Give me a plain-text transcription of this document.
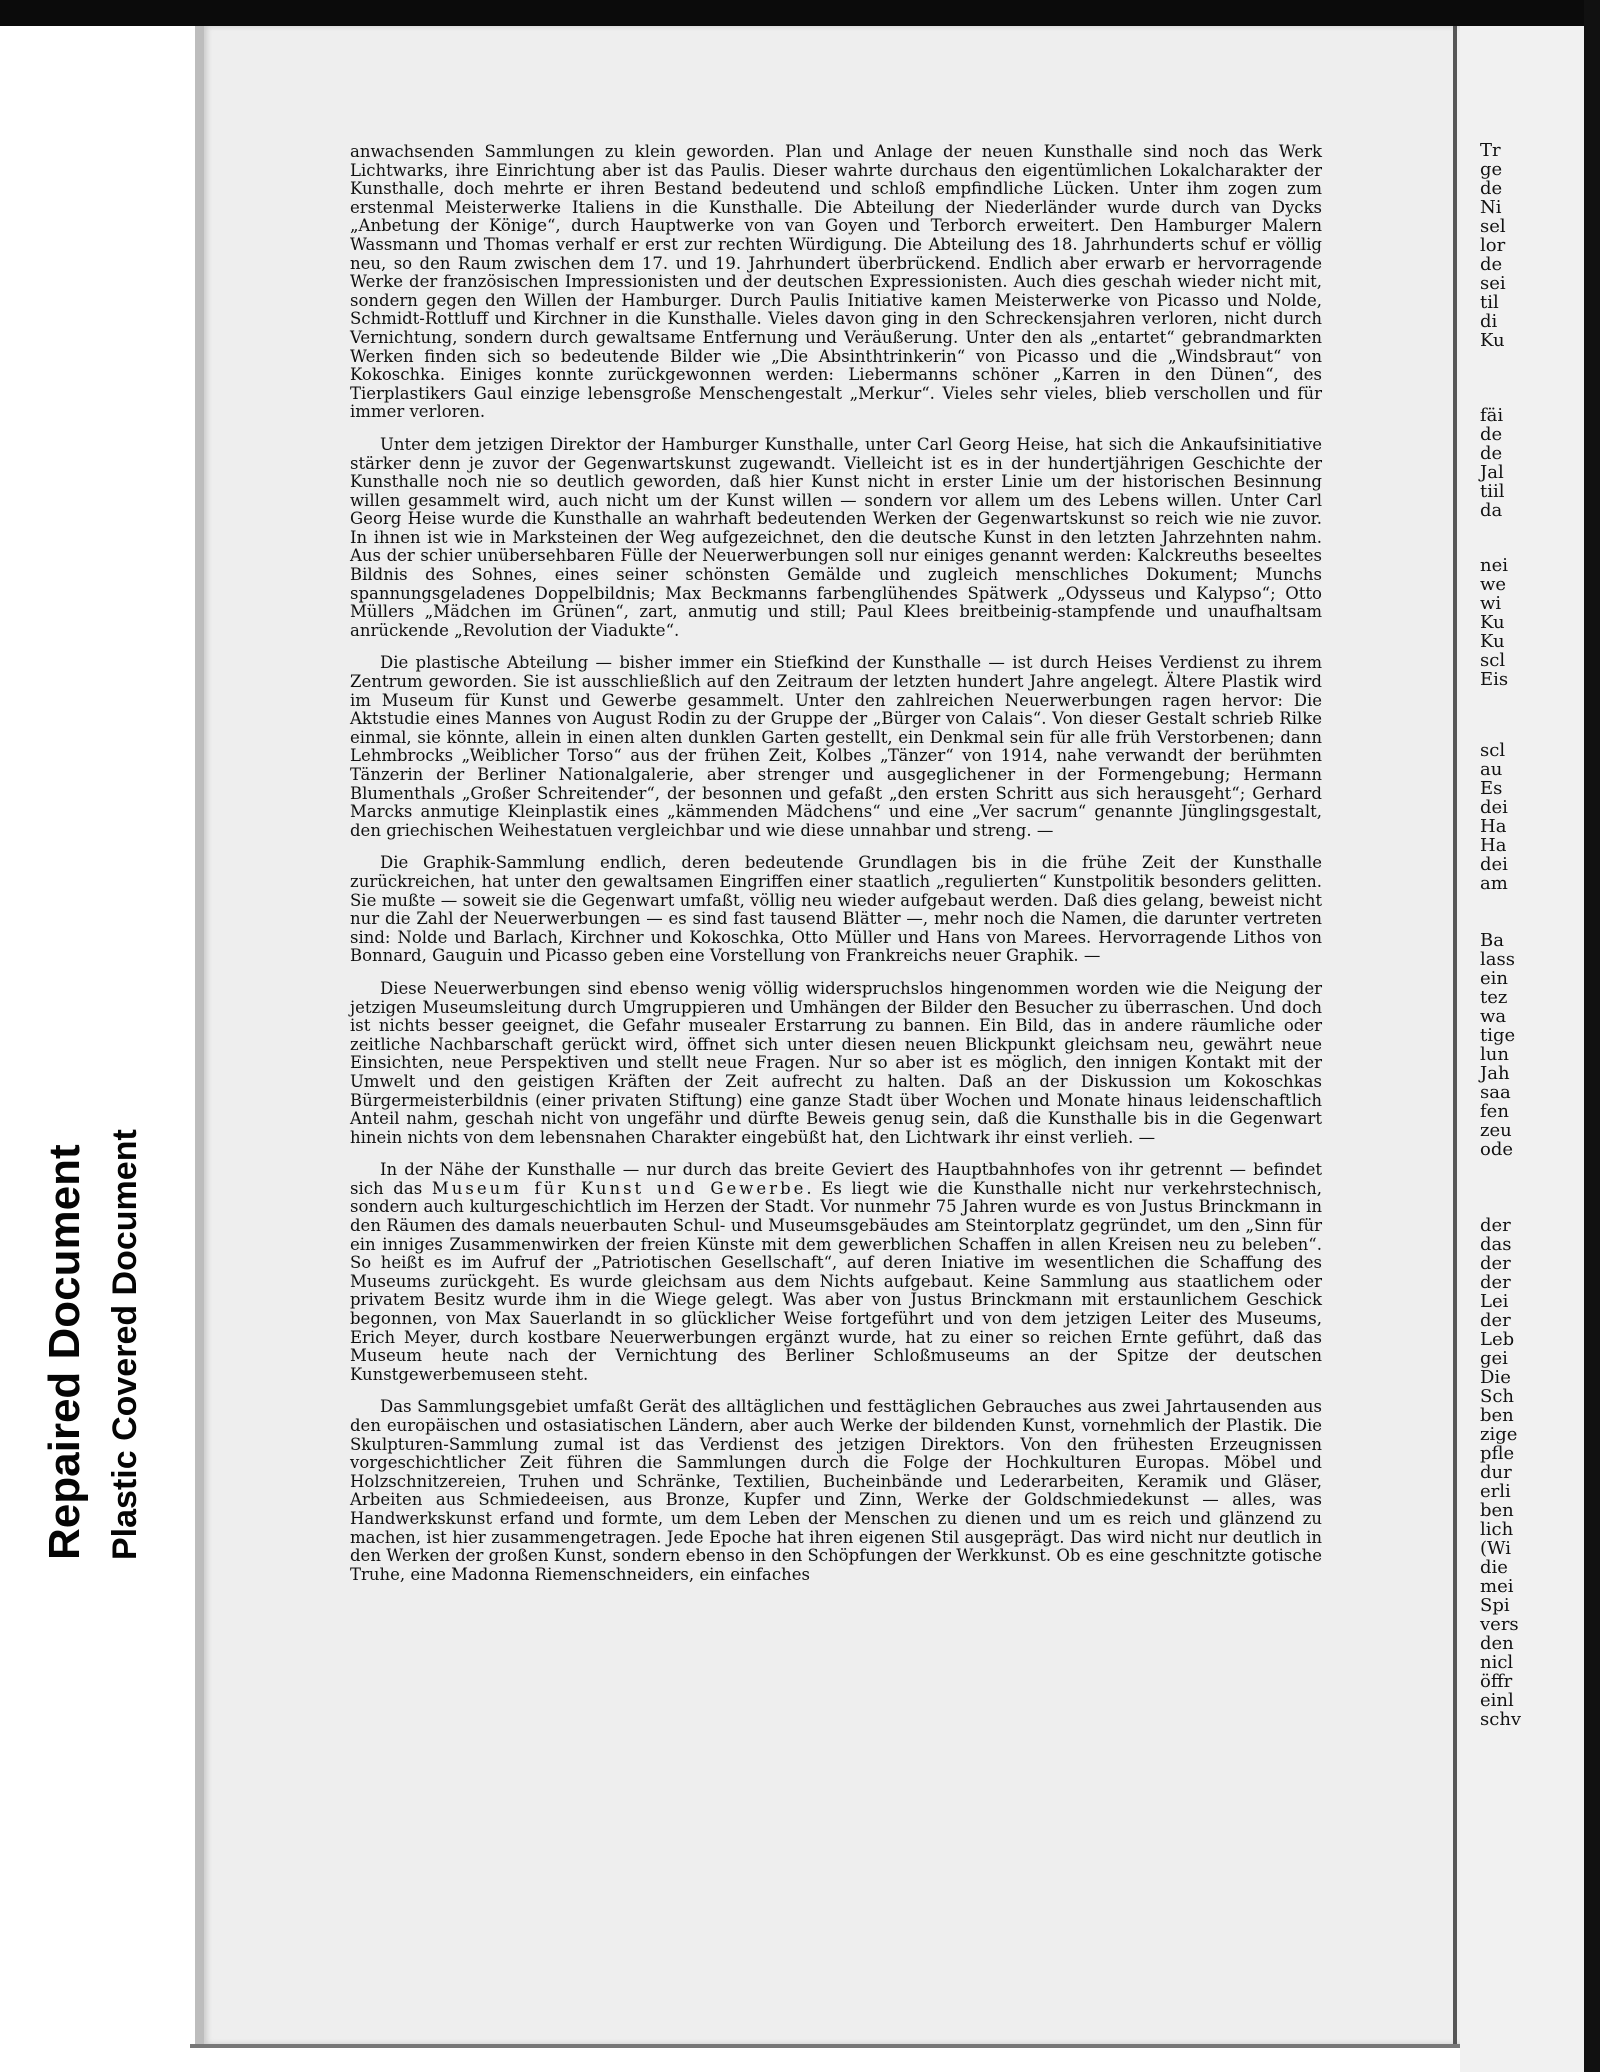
Repaired Document Plastic Covered Document
Tr
ge
de
Ni
sel
lor
de
sei
til
di
Ku
fäi
de
de
Jal
tiil
da
nei
we
wi
Ku
Ku
scl
Eis
scl
au
Es
dei
Ha
Ha
dei
am
Ba
lass
ein
tez
wa
tige
lun
Jah
saa
fen
zeu
ode
der
das
der
der
Lei
der
Leb
gei
Die
Sch
ben
zige
pfle
dur
erli
ben
lich
(Wi
die
mei
Spi
vers
den
nicl
öffr
einl
schv

anwachsenden Sammlungen zu klein geworden. Plan und Anlage der neuen Kunsthalle sind noch das Werk Lichtwarks, ihre Einrichtung aber ist das Paulis. Dieser wahrte durchaus den eigentümlichen Lokalcharakter der Kunsthalle, doch mehrte er ihren Bestand bedeutend und schloß empfindliche Lücken. Unter ihm zogen zum erstenmal Meisterwerke Italiens in die Kunsthalle. Die Abteilung der Niederländer wurde durch van Dycks „Anbetung der Könige“, durch Hauptwerke von van Goyen und Terborch erweitert. Den Hamburger Malern Wassmann und Thomas verhalf er erst zur rechten Würdigung. Die Abteilung des 18. Jahrhunderts schuf er völlig neu, so den Raum zwischen dem 17. und 19. Jahrhundert überbrückend. Endlich aber erwarb er hervorragende Werke der französischen Impressionisten und der deutschen Expressionisten. Auch dies geschah wieder nicht mit, sondern gegen den Willen der Hamburger. Durch Paulis Initiative kamen Meisterwerke von Picasso und Nolde, Schmidt-Rottluff und Kirchner in die Kunsthalle. Vieles davon ging in den Schreckensjahren verloren, nicht durch Vernichtung, sondern durch gewaltsame Entfernung und Veräußerung. Unter den als „entartet“ gebrandmarkten Werken finden sich so bedeutende Bilder wie „Die Absinthtrinkerin“ von Picasso und die „Windsbraut“ von Kokoschka. Einiges konnte zurückgewonnen werden: Liebermanns schöner „Karren in den Dünen“, des Tierplastikers Gaul einzige lebensgroße Menschengestalt „Merkur“. Vieles sehr vieles, blieb verschollen und für immer verloren.

Unter dem jetzigen Direktor der Hamburger Kunsthalle, unter Carl Georg Heise, hat sich die Ankaufsinitiative stärker denn je zuvor der Gegenwartskunst zugewandt. Vielleicht ist es in der hundertjährigen Geschichte der Kunsthalle noch nie so deutlich geworden, daß hier Kunst nicht in erster Linie um der historischen Besinnung willen gesammelt wird, auch nicht um der Kunst willen — sondern vor allem um des Lebens willen. Unter Carl Georg Heise wurde die Kunsthalle an wahrhaft bedeutenden Werken der Gegenwartskunst so reich wie nie zuvor. In ihnen ist wie in Marksteinen der Weg aufgezeichnet, den die deutsche Kunst in den letzten Jahrzehnten nahm. Aus der schier unübersehbaren Fülle der Neuerwerbungen soll nur einiges genannt werden: Kalckreuths beseeltes Bildnis des Sohnes, eines seiner schönsten Gemälde und zugleich menschliches Dokument; Munchs spannungsgeladenes Doppelbildnis; Max Beckmanns farbenglühendes Spätwerk „Odysseus und Kalypso“; Otto Müllers „Mädchen im Grünen“, zart, anmutig und still; Paul Klees breitbeinig-stampfende und unaufhaltsam anrückende „Revolution der Viadukte“.

Die plastische Abteilung — bisher immer ein Stiefkind der Kunsthalle — ist durch Heises Verdienst zu ihrem Zentrum geworden. Sie ist ausschließlich auf den Zeitraum der letzten hundert Jahre angelegt. Ältere Plastik wird im Museum für Kunst und Gewerbe gesammelt. Unter den zahlreichen Neuerwerbungen ragen hervor: Die Aktstudie eines Mannes von August Rodin zu der Gruppe der „Bürger von Calais“. Von dieser Gestalt schrieb Rilke einmal, sie könnte, allein in einen alten dunklen Garten gestellt, ein Denkmal sein für alle früh Verstorbenen; dann Lehmbrocks „Weiblicher Torso“ aus der frühen Zeit, Kolbes „Tänzer“ von 1914, nahe verwandt der berühmten Tänzerin der Berliner Nationalgalerie, aber strenger und ausgeglichener in der Formengebung; Hermann Blumenthals „Großer Schreitender“, der besonnen und gefaßt „den ersten Schritt aus sich herausgeht“; Gerhard Marcks anmutige Kleinplastik eines „kämmenden Mädchens“ und eine „Ver sacrum“ genannte Jünglingsgestalt, den griechischen Weihestatuen vergleichbar und wie diese unnahbar und streng. —

Die Graphik-Sammlung endlich, deren bedeutende Grundlagen bis in die frühe Zeit der Kunsthalle zurückreichen, hat unter den gewaltsamen Eingriffen einer staatlich „regulierten“ Kunstpolitik besonders gelitten. Sie mußte — soweit sie die Gegenwart umfaßt, völlig neu wieder aufgebaut werden. Daß dies gelang, beweist nicht nur die Zahl der Neuerwerbungen — es sind fast tausend Blätter —, mehr noch die Namen, die darunter vertreten sind: Nolde und Barlach, Kirchner und Kokoschka, Otto Müller und Hans von Marees. Hervorragende Lithos von Bonnard, Gauguin und Picasso geben eine Vorstellung von Frankreichs neuer Graphik. —

Diese Neuerwerbungen sind ebenso wenig völlig widerspruchslos hingenommen worden wie die Neigung der jetzigen Museumsleitung durch Umgruppieren und Umhängen der Bilder den Besucher zu überraschen. Und doch ist nichts besser geeignet, die Gefahr musealer Erstarrung zu bannen. Ein Bild, das in andere räumliche oder zeitliche Nachbarschaft gerückt wird, öffnet sich unter diesen neuen Blickpunkt gleichsam neu, gewährt neue Einsichten, neue Perspektiven und stellt neue Fragen. Nur so aber ist es möglich, den innigen Kontakt mit der Umwelt und den geistigen Kräften der Zeit aufrecht zu halten. Daß an der Diskussion um Kokoschkas Bürgermeisterbildnis (einer privaten Stiftung) eine ganze Stadt über Wochen und Monate hinaus leidenschaftlich Anteil nahm, geschah nicht von ungefähr und dürfte Beweis genug sein, daß die Kunsthalle bis in die Gegenwart hinein nichts von dem lebensnahen Charakter eingebüßt hat, den Lichtwark ihr einst verlieh. —

In der Nähe der Kunsthalle — nur durch das breite Geviert des Hauptbahnhofes von ihr getrennt — befindet sich das Museum für Kunst und Gewerbe. Es liegt wie die Kunsthalle nicht nur verkehrstechnisch, sondern auch kulturgeschichtlich im Herzen der Stadt. Vor nunmehr 75 Jahren wurde es von Justus Brinckmann in den Räumen des damals neuerbauten Schul- und Museumsgebäudes am Steintorplatz gegründet, um den „Sinn für ein inniges Zusammenwirken der freien Künste mit dem gewerblichen Schaffen in allen Kreisen neu zu beleben“. So heißt es im Aufruf der „Patriotischen Gesellschaft“, auf deren Iniative im wesentlichen die Schaffung des Museums zurückgeht. Es wurde gleichsam aus dem Nichts aufgebaut. Keine Sammlung aus staatlichem oder privatem Besitz wurde ihm in die Wiege gelegt. Was aber von Justus Brinckmann mit erstaunlichem Geschick begonnen, von Max Sauerlandt in so glücklicher Weise fortgeführt und von dem jetzigen Leiter des Museums, Erich Meyer, durch kostbare Neuerwerbungen ergänzt wurde, hat zu einer so reichen Ernte geführt, daß das Museum heute nach der Vernichtung des Berliner Schloßmuseums an der Spitze der deutschen Kunstgewerbemuseen steht.

Das Sammlungsgebiet umfaßt Gerät des alltäglichen und festtäglichen Gebrauches aus zwei Jahrtausenden aus den europäischen und ostasiatischen Ländern, aber auch Werke der bildenden Kunst, vornehmlich der Plastik. Die Skulpturen-Sammlung zumal ist das Verdienst des jetzigen Direktors. Von den frühesten Erzeugnissen vorgeschichtlicher Zeit führen die Sammlungen durch die Folge der Hochkulturen Europas. Möbel und Holzschnitzereien, Truhen und Schränke, Textilien, Bucheinbände und Lederarbeiten, Keramik und Gläser, Arbeiten aus Schmiedeeisen, aus Bronze, Kupfer und Zinn, Werke der Goldschmiedekunst — alles, was Handwerkskunst erfand und formte, um dem Leben der Menschen zu dienen und um es reich und glänzend zu machen, ist hier zusammengetragen. Jede Epoche hat ihren eigenen Stil ausgeprägt. Das wird nicht nur deutlich in den Werken der großen Kunst, sondern ebenso in den Schöpfungen der Werkkunst. Ob es eine geschnitzte gotische Truhe, eine Madonna Riemenschneiders, ein einfaches
